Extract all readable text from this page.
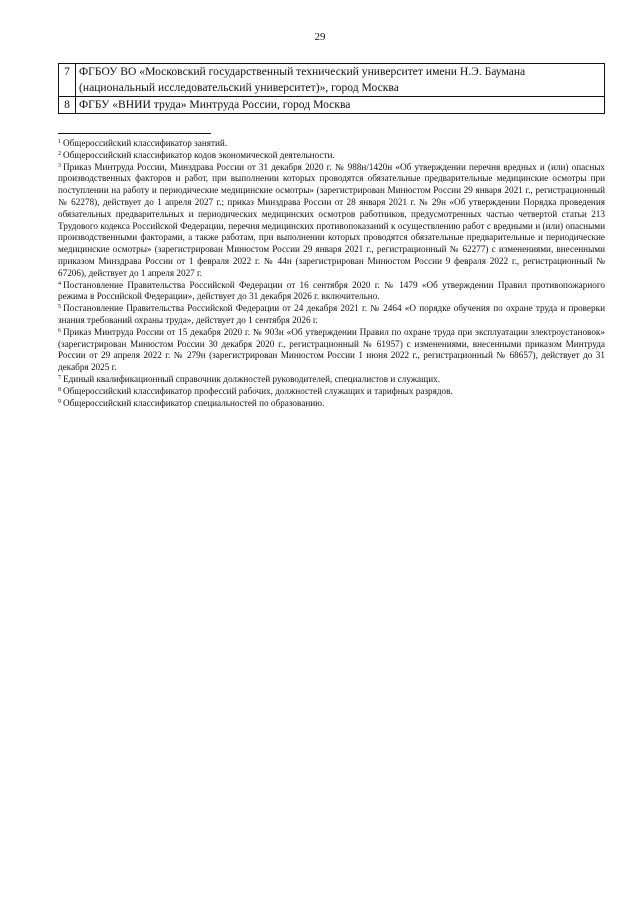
29
7	ФГБОУ ВО «Московский государственный технический университет имени Н.Э. Баумана (национальный исследовательский университет)», город Москва
8	ФГБУ «ВНИИ труда» Минтруда России, город Москва

$^1$ Общероссийский классификатор занятий.

$^2$ Общероссийский классификатор кодов экономической деятельности.

$^3$ Приказ Минтруда России, Минздрава России от 31 декабря 2020 г. № 988н/1420н «Об утверждении перечня вредных и (или) опасных производственных факторов и работ, при выполнении которых проводятся обязательные предварительные медицинские осмотры при поступлении на работу и периодические медицинские осмотры» (зарегистрирован Минюстом России 29 января 2021 г., регистрационный № 62278), действует до 1 апреля 2027 г.; приказ Минздрава России от 28 января 2021 г. № 29н «Об утверждении Порядка проведения обязательных предварительных и периодических медицинских осмотров работников, предусмотренных частью четвертой статьи 213 Трудового кодекса Российской Федерации, перечня медицинских противопоказаний к осуществлению работ с вредными и (или) опасными производственными факторами, а также работам, при выполнении которых проводятся обязательные предварительные и периодические медицинские осмотры» (зарегистрирован Минюстом России 29 января 2021 г., регистрационный № 62277) с изменениями, внесенными приказом Минздрава России от 1 февраля 2022 г. № 44н (зарегистрирован Минюстом России 9 февраля 2022 г., регистрационный № 67206), действует до 1 апреля 2027 г.

$^4$ Постановление Правительства Российской Федерации от 16 сентября 2020 г. № 1479 «Об утверждении Правил противопожарного режима в Российской Федерации», действует до 31 декабря 2026 г. включительно.

$^5$ Постановление Правительства Российской Федерации от 24 декабря 2021 г. № 2464 «О порядке обучения по охране труда и проверки знания требований охраны труда», действует до 1 сентября 2026 г.

$^6$ Приказ Минтруда России от 15 декабря 2020 г. № 903н «Об утверждении Правил по охране труда при эксплуатации электроустановок» (зарегистрирован Минюстом России 30 декабря 2020 г., регистрационный № 61957) с изменениями, внесенными приказом Минтруда России от 29 апреля 2022 г. № 279н (зарегистрирован Минюстом России 1 июня 2022 г., регистрационный № 68657), действует до 31 декабря 2025 г.

$^7$ Единый квалификационный справочник должностей руководителей, специалистов и служащих.

$^8$ Общероссийский классификатор профессий рабочих, должностей служащих и тарифных разрядов.

$^9$ Общероссийский классификатор специальностей по образованию.
